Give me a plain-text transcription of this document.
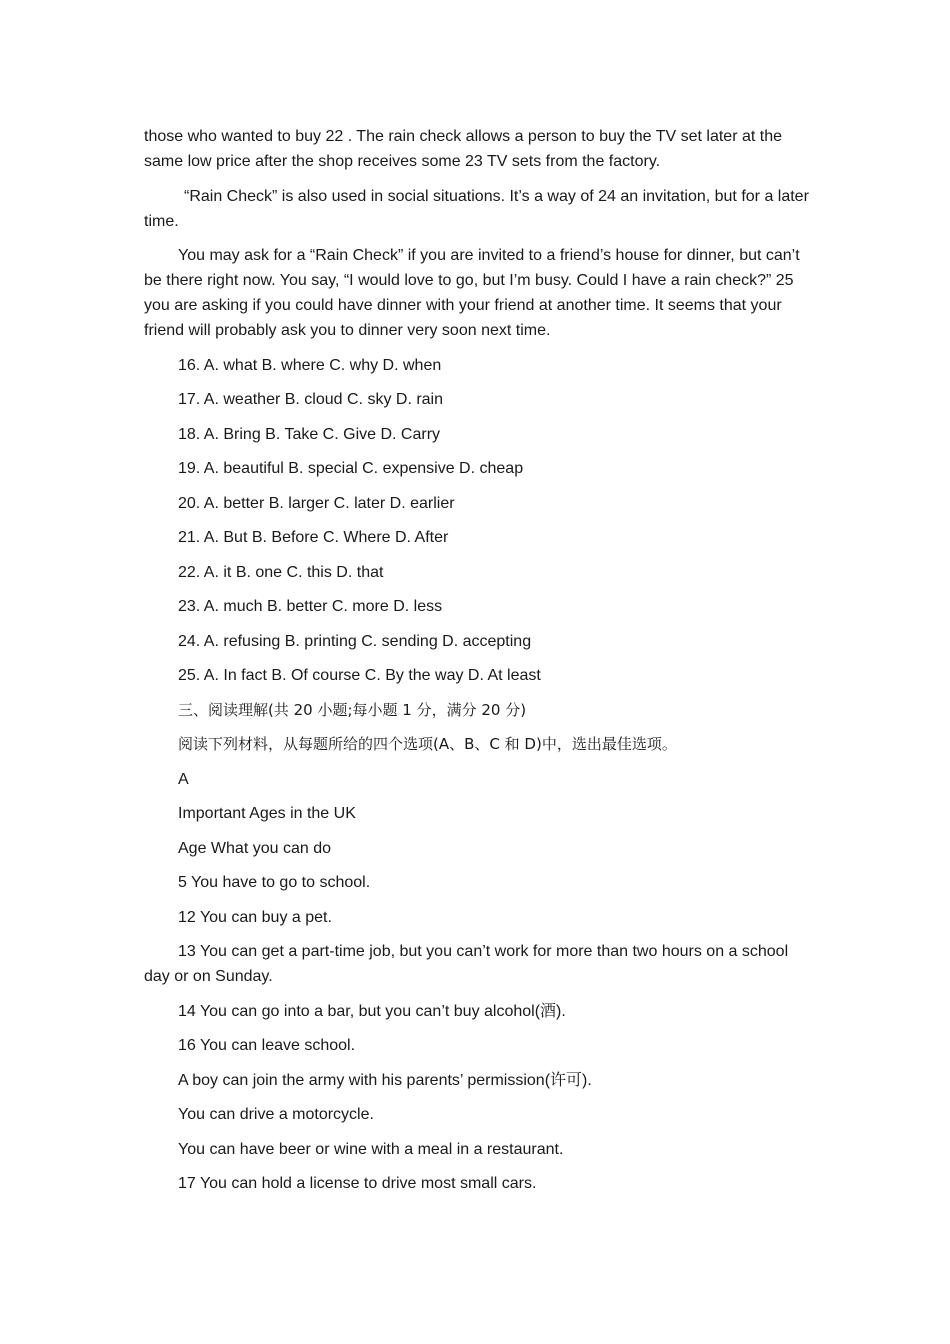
those who wanted to buy 22 . The rain check allows a person to buy the TV set later at the same low price after the shop receives some 23 TV sets from the factory.

“Rain Check” is also used in social situations. It’s a way of 24 an invitation, but for a later time.

You may ask for a “Rain Check” if you are invited to a friend’s house for dinner, but can’t be there right now. You say, “I would love to go, but I’m busy. Could I have a rain check?” 25 you are asking if you could have dinner with your friend at another time. It seems that your friend will probably ask you to dinner very soon next time.

16. A. what B. where C. why D. when

17. A. weather B. cloud C. sky D. rain

18. A. Bring B. Take C. Give D. Carry

19. A. beautiful B. special C. expensive D. cheap

20. A. better B. larger C. later D. earlier

21. A. But B. Before C. Where D. After

22. A. it B. one C. this D. that

23. A. much B. better C. more D. less

24. A. refusing B. printing C. sending D. accepting

25. A. In fact B. Of course C. By the way D. At least

三、阅读理解(共 20 小题;每小题 1 分，满分 20 分)

阅读下列材料，从每题所给的四个选项(A、B、C 和 D)中，选出最佳选项。

A

Important Ages in the UK

Age What you can do

5 You have to go to school.

12 You can buy a pet.

13 You can get a part-time job, but you can’t work for more than two hours on a school day or on Sunday.

14 You can go into a bar, but you can’t buy alcohol(酒).

16 You can leave school.

A boy can join the army with his parents’ permission(许可).

You can drive a motorcycle.

You can have beer or wine with a meal in a restaurant.

17 You can hold a license to drive most small cars.
